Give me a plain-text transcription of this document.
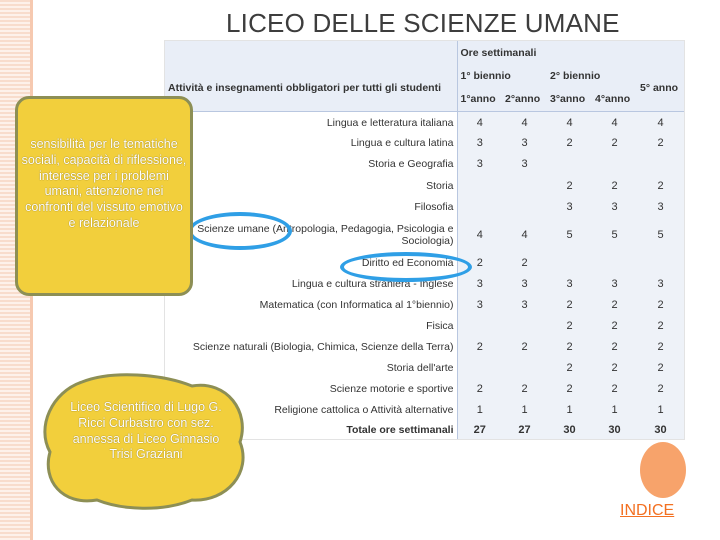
LICEO DELLE SCIENZE UMANE
	Ore settimanali				
Attività e insegnamenti obbligatori per tutti gli studenti	1° biennio		2° biennio		5° anno
	1°anno	2°anno	3°anno	4°anno	
Lingua e letteratura italiana	4	4	4	4	4
Lingua e cultura latina	3	3	2	2	2
Storia e Geografia	3	3			
Storia			2	2	2
Filosofia			3	3	3
Scienze umane (Antropologia, Pedagogia, Psicologia e Sociologia)	4	4	5	5	5
Diritto ed Economia	2	2			
Lingua e cultura straniera - Inglese	3	3	3	3	3
Matematica (con Informatica al 1°biennio)	3	3	2	2	2
Fisica			2	2	2
Scienze naturali (Biologia, Chimica, Scienze della Terra)	2	2	2	2	2
Storia dell'arte			2	2	2
Scienze motorie e sportive	2	2	2	2	2
Religione cattolica o Attività alternative	1	1	1	1	1
Totale ore settimanali	27	27	30	30	30
sensibilità per le tematiche sociali, capacità di riflessione, interesse per i problemi umani, attenzione nei confronti del vissuto emotivo e relazionale
Liceo Scientifico di Lugo G. Ricci Curbastro con sez. annessa di Liceo Ginnasio Trisi Graziani
INDICE
